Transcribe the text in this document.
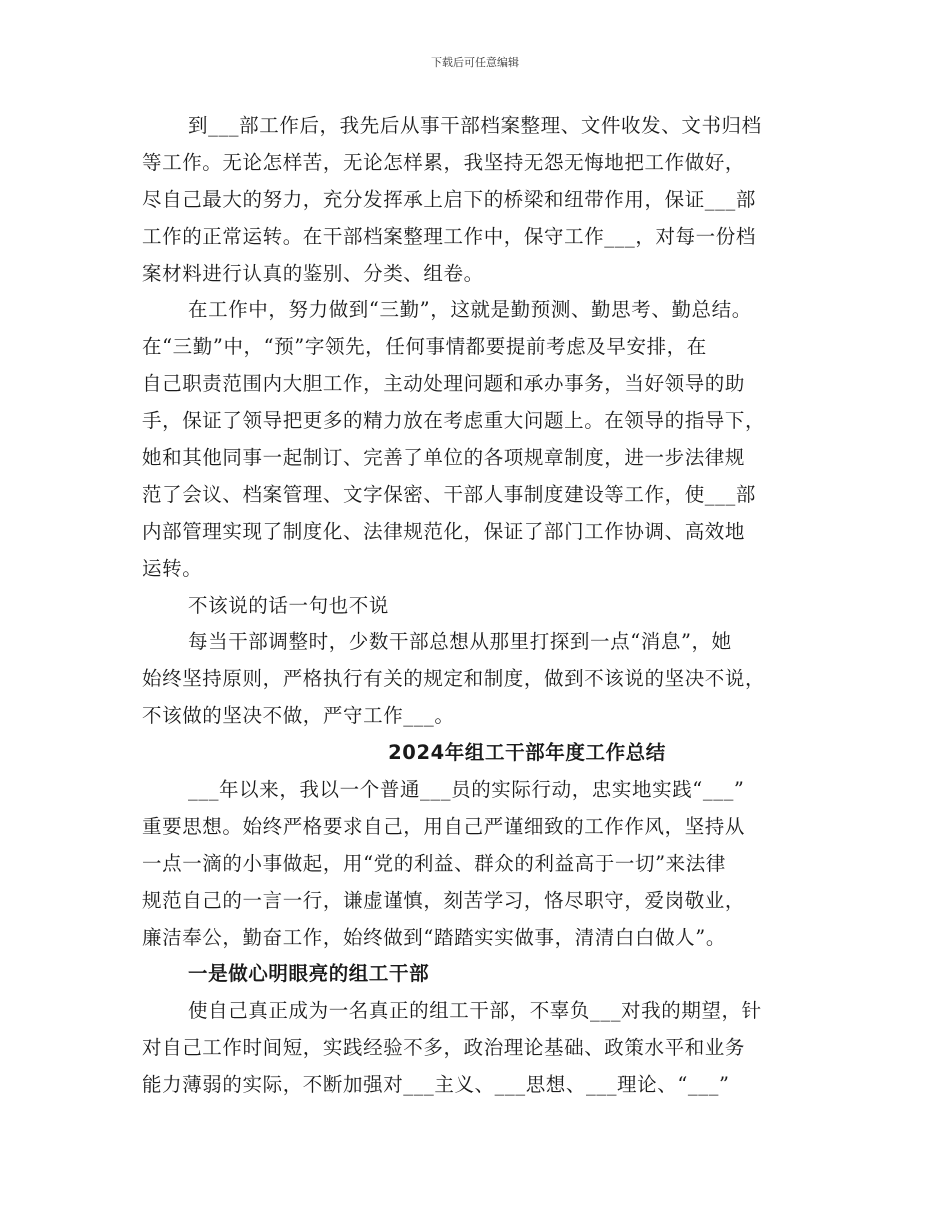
下载后可任意编辑
到___部工作后，我先后从事干部档案整理、文件收发、文书归档
等工作。无论怎样苦，无论怎样累，我坚持无怨无悔地把工作做好，
尽自己最大的努力，充分发挥承上启下的桥梁和纽带作用，保证___部
工作的正常运转。在干部档案整理工作中，保守工作___，对每一份档
案材料进行认真的鉴别、分类、组卷。
在工作中，努力做到“三勤”，这就是勤预测、勤思考、勤总结。
在“三勤”中，“预”字领先，任何事情都要提前考虑及早安排，在
自己职责范围内大胆工作，主动处理问题和承办事务，当好领导的助
手，保证了领导把更多的精力放在考虑重大问题上。在领导的指导下，
她和其他同事一起制订、完善了单位的各项规章制度，进一步法律规
范了会议、档案管理、文字保密、干部人事制度建设等工作，使___部
内部管理实现了制度化、法律规范化，保证了部门工作协调、高效地
运转。
不该说的话一句也不说
每当干部调整时，少数干部总想从那里打探到一点“消息”，她
始终坚持原则，严格执行有关的规定和制度，做到不该说的坚决不说，
不该做的坚决不做，严守工作___。
2024年组工干部年度工作总结
___年以来，我以一个普通___员的实际行动，忠实地实践“___”
重要思想。始终严格要求自己，用自己严谨细致的工作作风，坚持从
一点一滴的小事做起，用“党的利益、群众的利益高于一切”来法律
规范自己的一言一行，谦虚谨慎，刻苦学习，恪尽职守，爱岗敬业，
廉洁奉公，勤奋工作，始终做到“踏踏实实做事，清清白白做人”。
一是做心明眼亮的组工干部
使自己真正成为一名真正的组工干部，不辜负___对我的期望，针
对自己工作时间短，实践经验不多，政治理论基础、政策水平和业务
能力薄弱的实际，不断加强对___主义、___思想、___理论、“___”
